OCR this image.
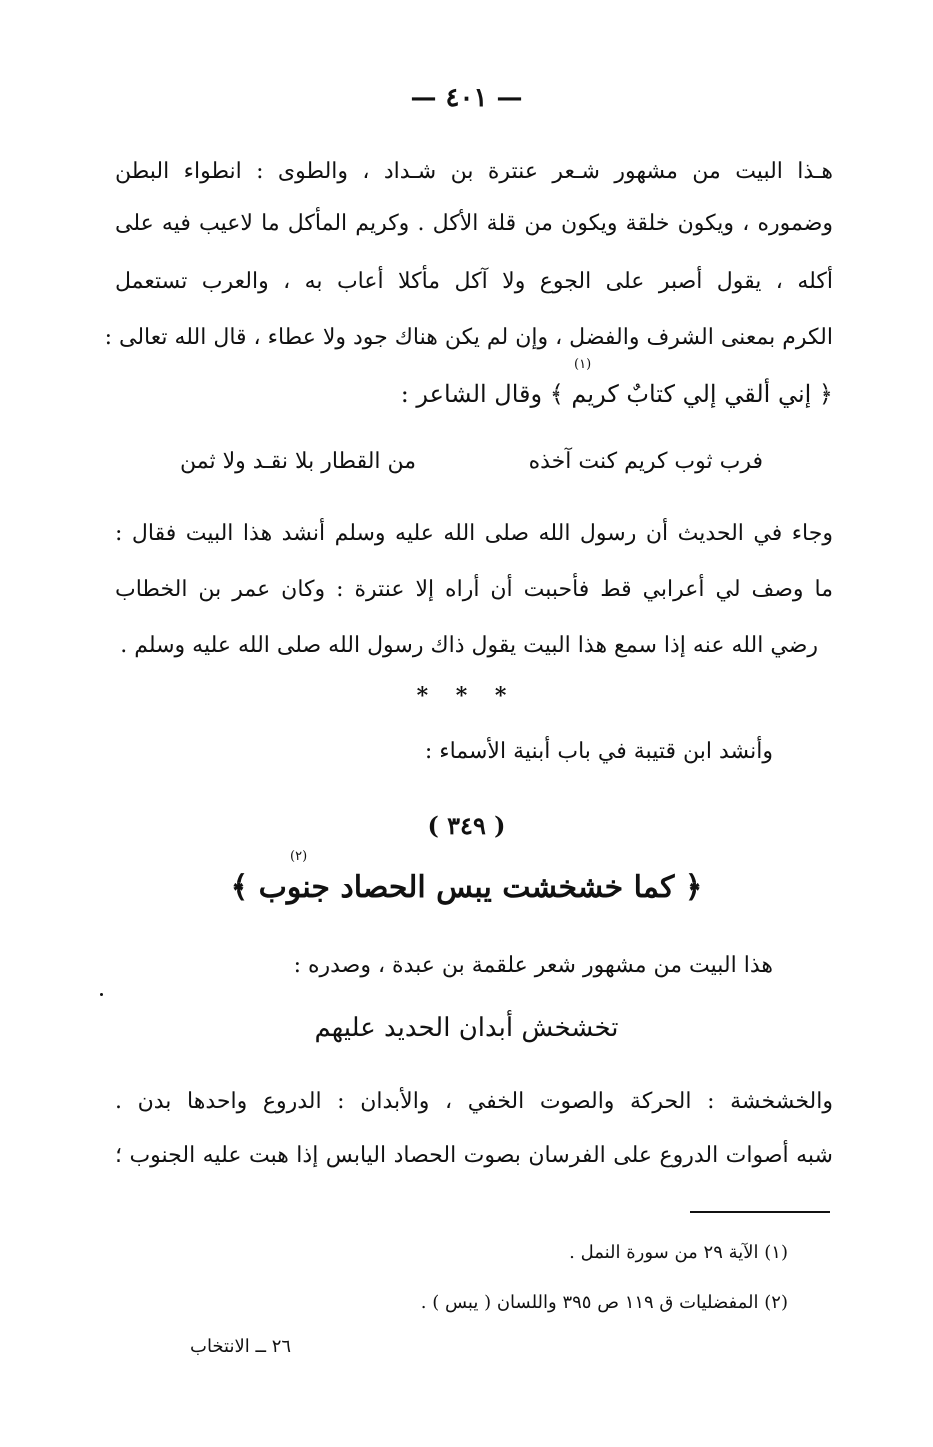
— ٤٠١ —
هـذا البيت من مشهور شـعر عنترة بن شـداد ، والطوى : انطواء البطن
وضموره ، ويكون خلقة ويكون من قلة الأكل . وكريم المأكل ما لاعيب فيه على
أكله ، يقول أصبر على الجوع ولا آكل مأكلا أعاب به ، والعرب تستعمل
الكرم بمعنى الشرف والفضل ، وإن لم يكن هناك جود ولا عطاء ، قال الله تعالى :
(١)
﴿ إني ألقي إلي كتابٌ كريم ﴾ وقال الشاعر :
فرب ثوب كريم كنت آخذه
من القطار بلا نقـد ولا ثمن
وجاء في الحديث أن رسول الله صلى الله عليه وسلم أنشد هذا البيت فقال :
ما وصف لي أعرابي قط فأحببت أن أراه إلا عنترة : وكان عمر بن الخطاب
رضي الله عنه إذا سمع هذا البيت يقول ذاك رسول الله صلى الله عليه وسلم .
* * *
وأنشد ابن قتيبة في باب أبنية الأسماء :
( ٣٤٩ )
(٢)
﴿ كما خشخشت يبس الحصاد جنوب ﴾
هذا البيت من مشهور شعر علقمة بن عبدة ، وصدره :
تخشخش أبدان الحديد عليهم
والخشخشة : الحركة والصوت الخفي ، والأبدان : الدروع واحدها بدن .
شبه أصوات الدروع على الفرسان بصوت الحصاد اليابس إذا هبت عليه الجنوب ؛
(١) الآية ٢٩ من سورة النمل .
(٢) المفضليات ق ١١٩ ص ٣٩٥ واللسان ( يبس ) .
٢٦ ــ الانتخاب
